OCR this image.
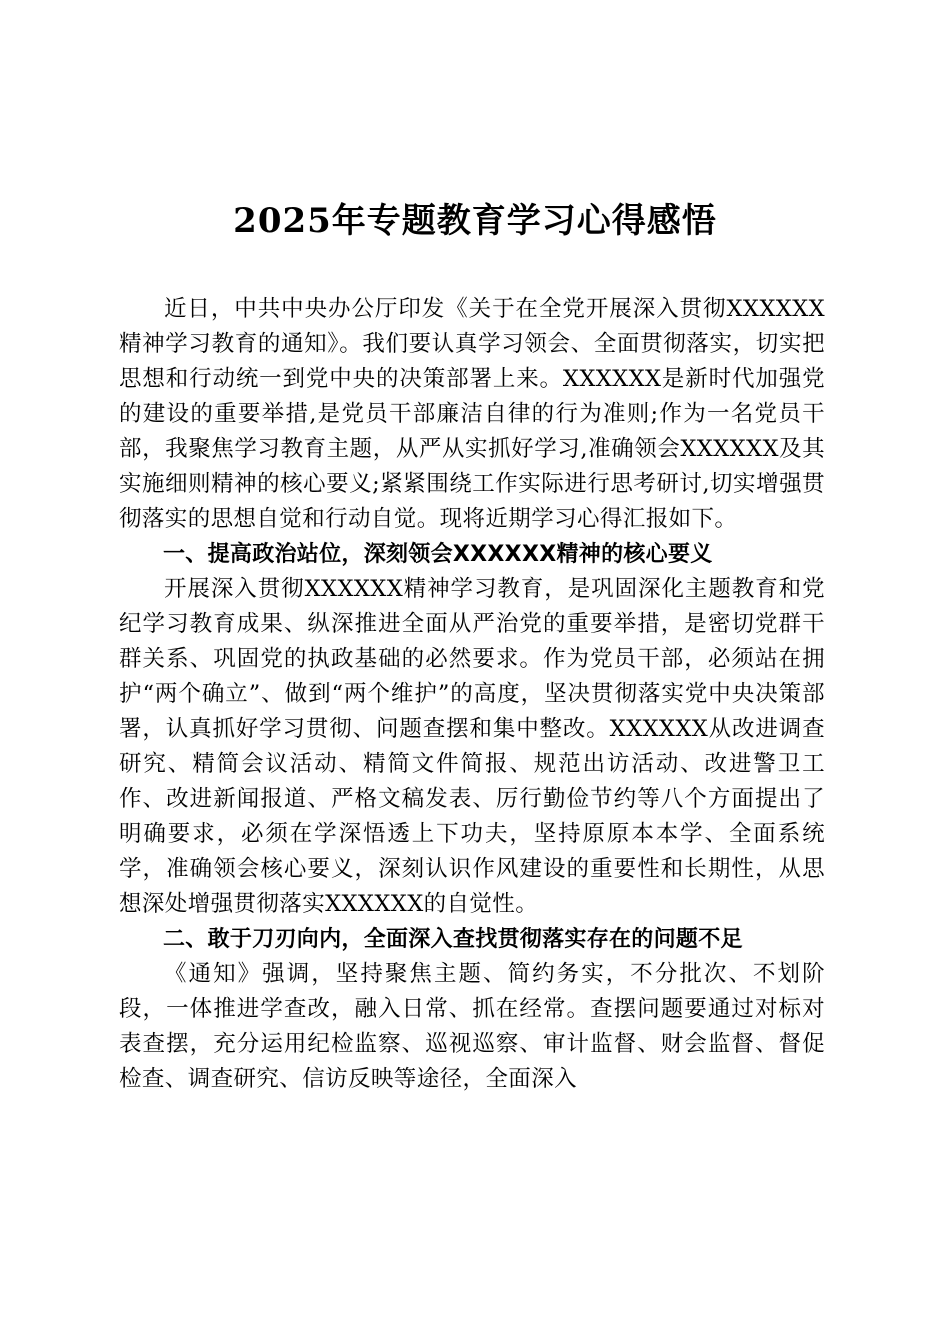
2025年专题教育学习心得感悟

近日，中共中央办公厅印发《关于在全党开展深入贯彻XXXXXX精神学习教育的通知》。我们要认真学习领会、全面贯彻落实，切实把思想和行动统一到党中央的决策部署上来。XXXXXX是新时代加强党的建设的重要举措,是党员干部廉洁自律的行为准则;作为一名党员干部，我聚焦学习教育主题，从严从实抓好学习,准确领会XXXXXX及其实施细则精神的核心要义;紧紧围绕工作实际进行思考研讨,切实增强贯彻落实的思想自觉和行动自觉。现将近期学习心得汇报如下。

一、提高政治站位，深刻领会XXXXXX精神的核心要义

开展深入贯彻XXXXXX精神学习教育，是巩固深化主题教育和党纪学习教育成果、纵深推进全面从严治党的重要举措，是密切党群干群关系、巩固党的执政基础的必然要求。作为党员干部，必须站在拥护“两个确立”、做到“两个维护”的高度，坚决贯彻落实党中央决策部署，认真抓好学习贯彻、问题查摆和集中整改。XXXXXX从改进调查研究、精简会议活动、精简文件简报、规范出访活动、改进警卫工作、改进新闻报道、严格文稿发表、厉行勤俭节约等八个方面提出了明确要求，必须在学深悟透上下功夫，坚持原原本本学、全面系统学，准确领会核心要义，深刻认识作风建设的重要性和长期性，从思想深处增强贯彻落实XXXXXX的自觉性。

二、敢于刀刃向内，全面深入查找贯彻落实存在的问题不足

《通知》强调，坚持聚焦主题、简约务实，不分批次、不划阶段，一体推进学查改，融入日常、抓在经常。查摆问题要通过对标对表查摆，充分运用纪检监察、巡视巡察、审计监督、财会监督、督促检查、调查研究、信访反映等途径，全面深入
